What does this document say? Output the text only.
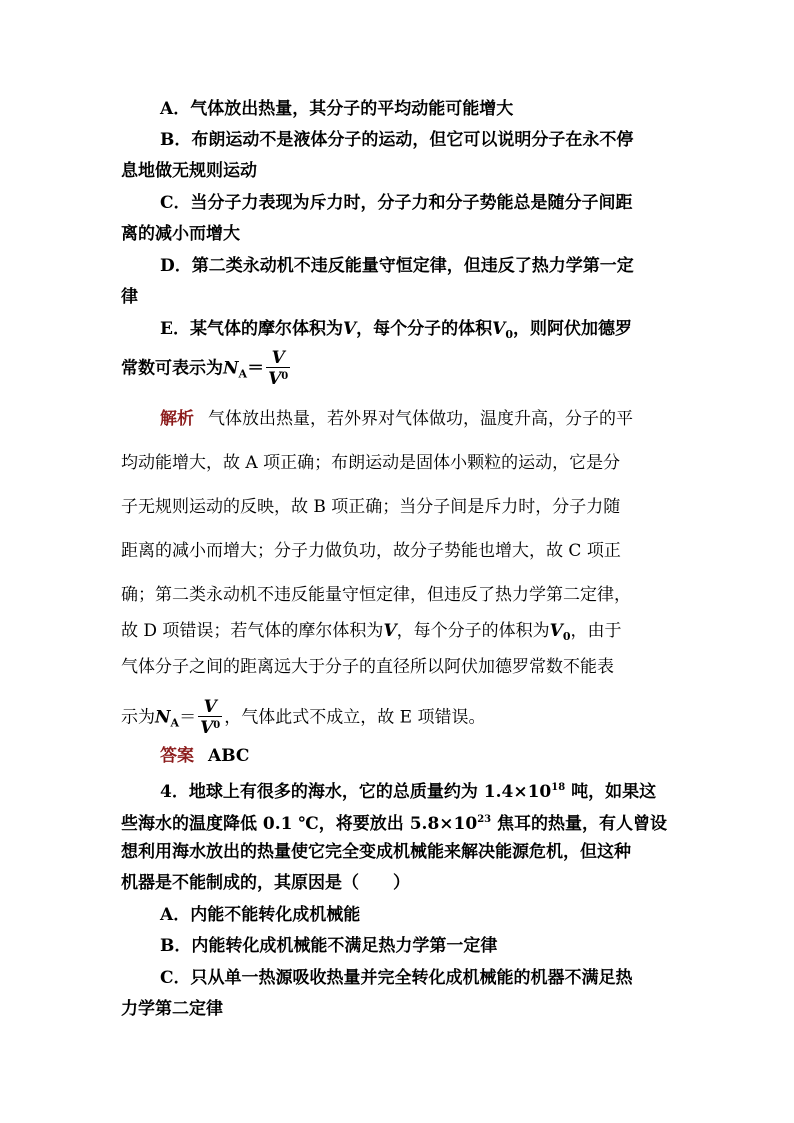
A．气体放出热量，其分子的平均动能可能增大
B．布朗运动不是液体分子的运动，但它可以说明分子在永不停
息地做无规则运动
C．当分子力表现为斥力时，分子力和分子势能总是随分子间距
离的减小而增大
D．第二类永动机不违反能量守恒定律，但违反了热力学第一定
律
E．某气体的摩尔体积为V，每个分子的体积$V_0$，则阿伏加德罗
常数可表示为$N_A= \frac{V}{V^0}$
解析 气体放出热量，若外界对气体做功，温度升高，分子的平
均动能增大，故 A 项正确；布朗运动是固体小颗粒的运动，它是分
子无规则运动的反映，故 B 项正确；当分子间是斥力时，分子力随
距离的减小而增大；分子力做负功，故分子势能也增大，故 C 项正
确；第二类永动机不违反能量守恒定律，但违反了热力学第二定律，
故 D 项错误；若气体的摩尔体积为V，每个分子的体积为$V_0$，由于
气体分子之间的距离远大于分子的直径所以阿伏加德罗常数不能表
示为$N_A= \frac{V}{V^0}$ ，气体此式不成立，故 E 项错误。
答案 ABC
4．地球上有很多的海水，它的总质量约为 $1.4\times 10^{18}$ 吨，如果这
些海水的温度降低 0.1 ℃，将要放出 $5.8\times 10^{23}$ 焦耳的热量，有人曾设
想利用海水放出的热量使它完全变成机械能来解决能源危机，但这种
机器是不能制成的，其原因是（　　）
A．内能不能转化成机械能
B．内能转化成机械能不满足热力学第一定律
C．只从单一热源吸收热量并完全转化成机械能的机器不满足热
力学第二定律
